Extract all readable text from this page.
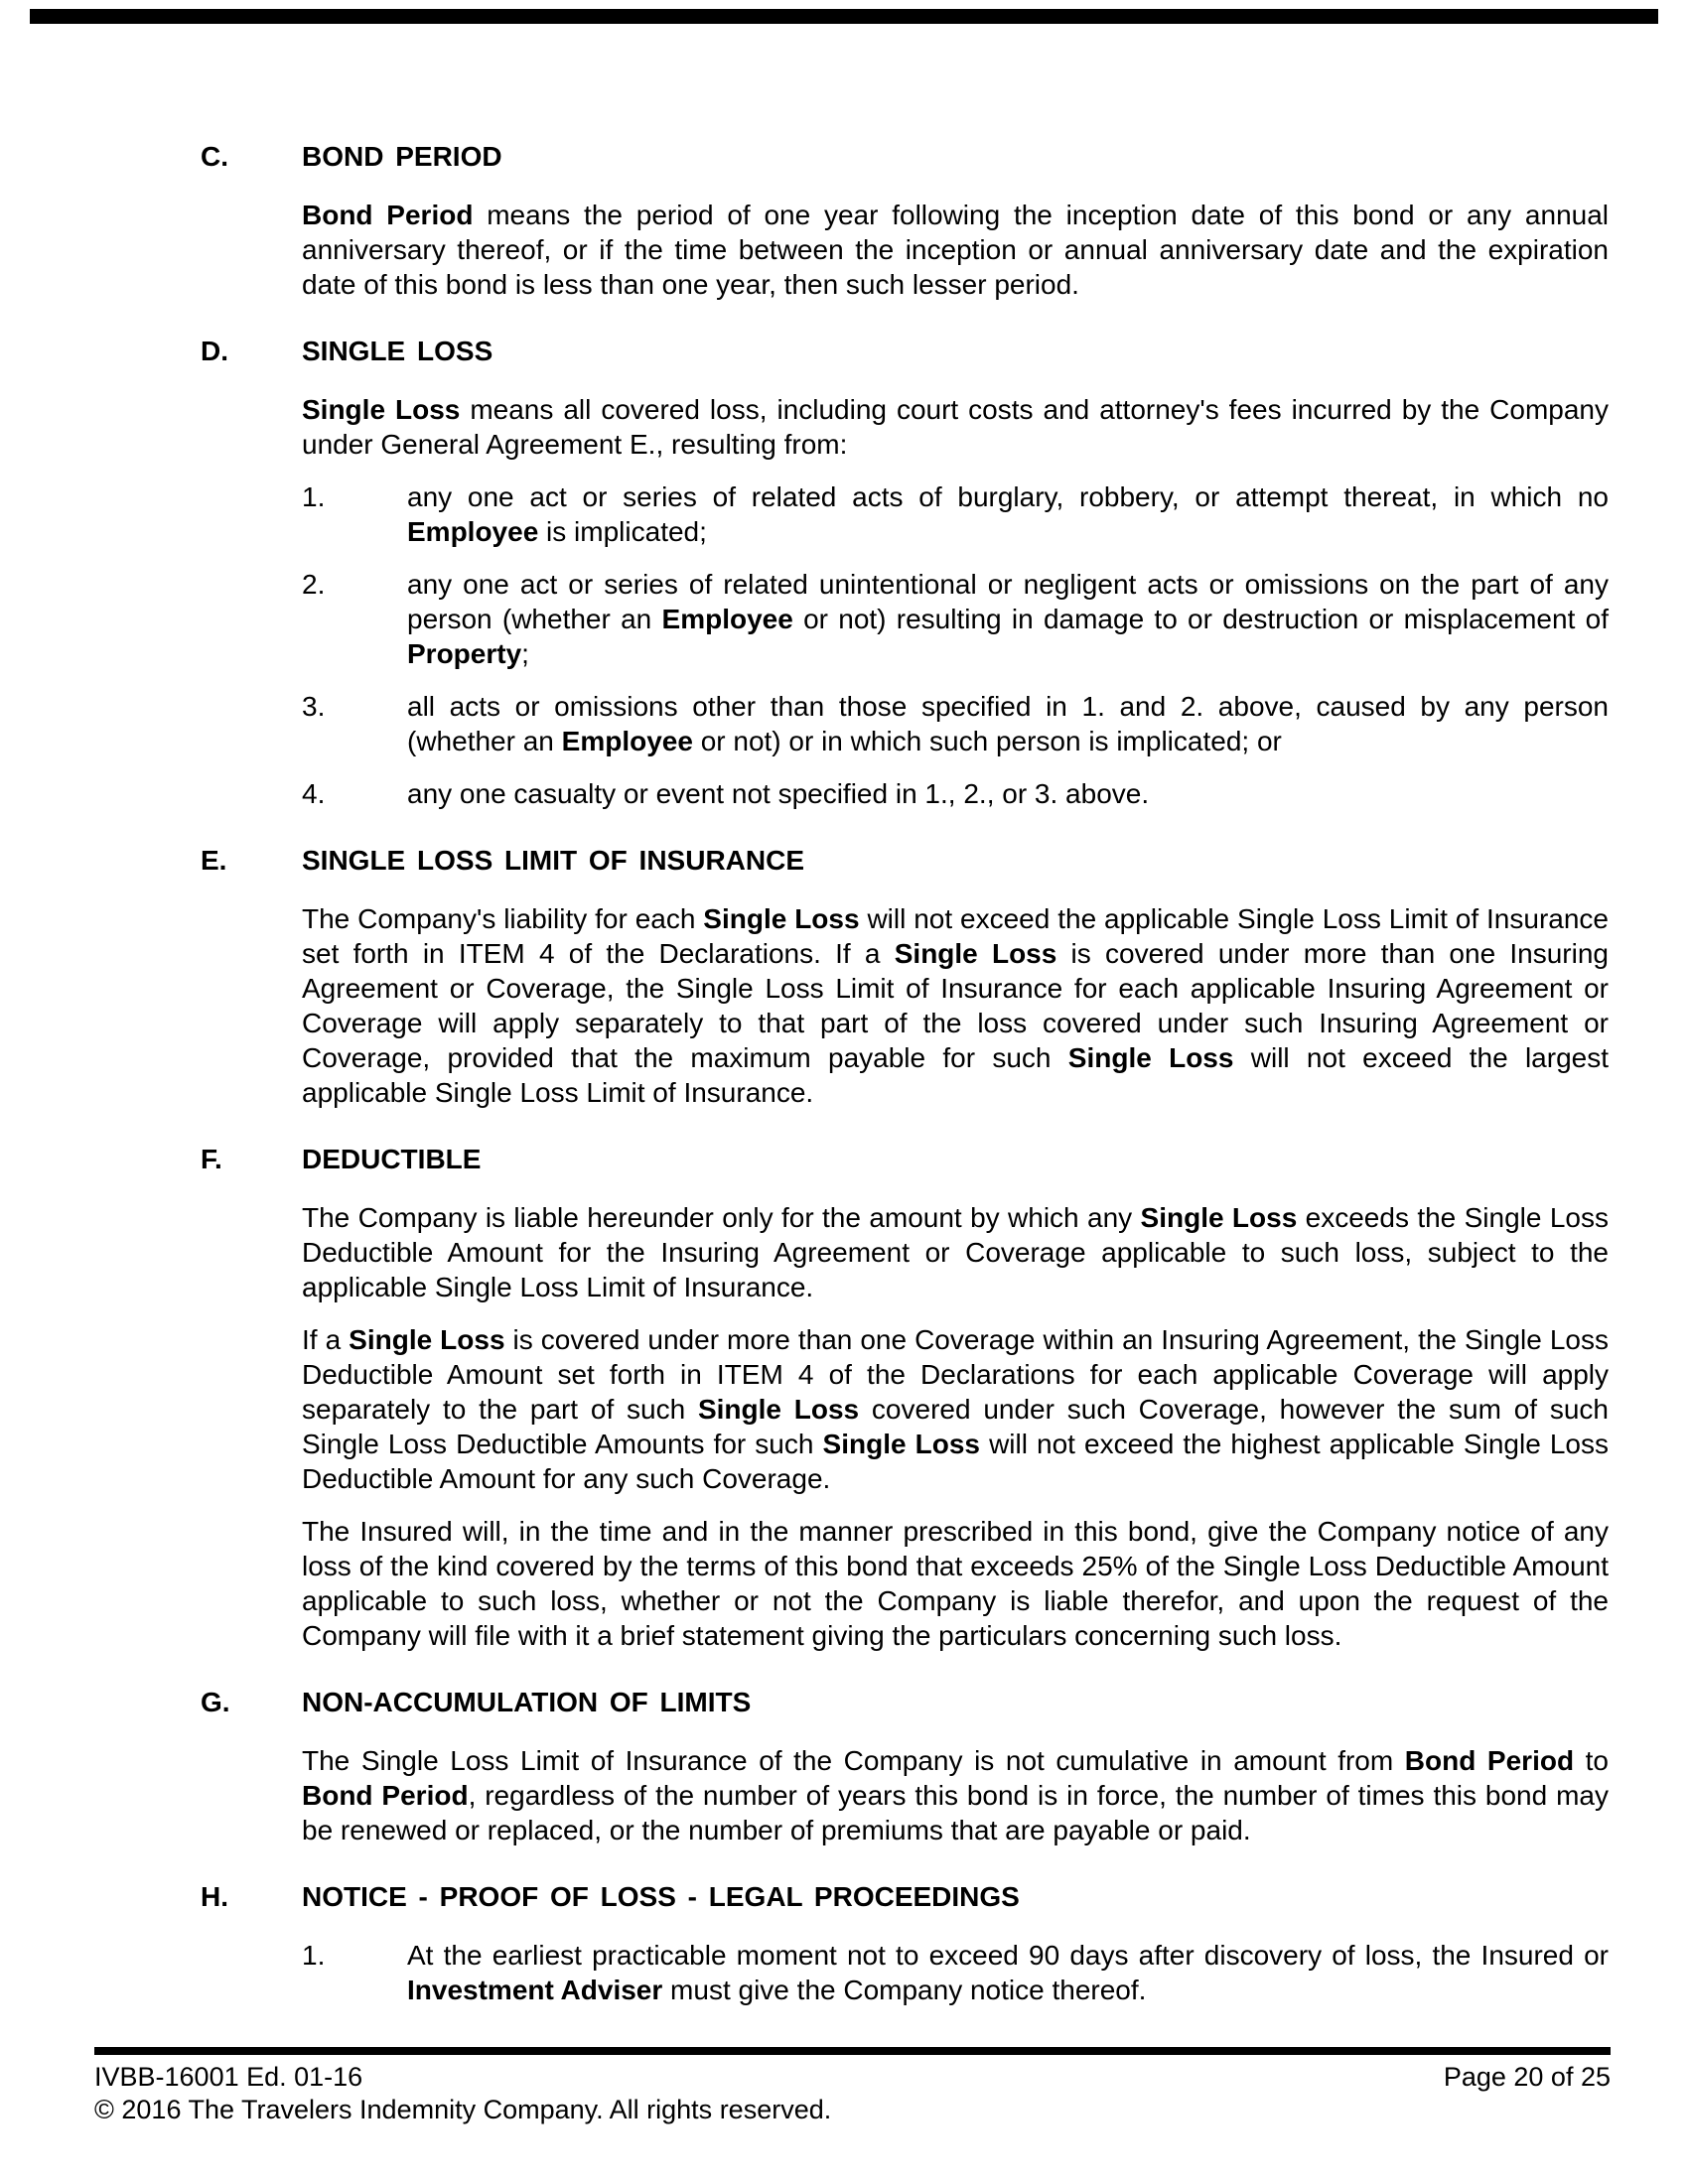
C.	BOND PERIOD

Bond Period means the period of one year following the inception date of this bond or any annual anniversary thereof, or if the time between the inception or annual anniversary date and the expiration date of this bond is less than one year, then such lesser period.

D.	SINGLE LOSS

Single Loss means all covered loss, including court costs and attorney's fees incurred by the Company under General Agreement E., resulting from:

1.	any one act or series of related acts of burglary, robbery, or attempt thereat, in which no Employee is implicated;

2.	any one act or series of related unintentional or negligent acts or omissions on the part of any person (whether an Employee or not) resulting in damage to or destruction or misplacement of Property;

3.	all acts or omissions other than those specified in 1. and 2. above, caused by any person (whether an Employee or not) or in which such person is implicated; or

4.	any one casualty or event not specified in 1., 2., or 3. above.

E.	SINGLE LOSS LIMIT OF INSURANCE

The Company's liability for each Single Loss will not exceed the applicable Single Loss Limit of Insurance set forth in ITEM 4 of the Declarations. If a Single Loss is covered under more than one Insuring Agreement or Coverage, the Single Loss Limit of Insurance for each applicable Insuring Agreement or Coverage will apply separately to that part of the loss covered under such Insuring Agreement or Coverage, provided that the maximum payable for such Single Loss will not exceed the largest applicable Single Loss Limit of Insurance.

F.	DEDUCTIBLE

The Company is liable hereunder only for the amount by which any Single Loss exceeds the Single Loss Deductible Amount for the Insuring Agreement or Coverage applicable to such loss, subject to the applicable Single Loss Limit of Insurance.

If a Single Loss is covered under more than one Coverage within an Insuring Agreement, the Single Loss Deductible Amount set forth in ITEM 4 of the Declarations for each applicable Coverage will apply separately to the part of such Single Loss covered under such Coverage, however the sum of such Single Loss Deductible Amounts for such Single Loss will not exceed the highest applicable Single Loss Deductible Amount for any such Coverage.

The Insured will, in the time and in the manner prescribed in this bond, give the Company notice of any loss of the kind covered by the terms of this bond that exceeds 25% of the Single Loss Deductible Amount applicable to such loss, whether or not the Company is liable therefor, and upon the request of the Company will file with it a brief statement giving the particulars concerning such loss.

G.	NON-ACCUMULATION OF LIMITS

The Single Loss Limit of Insurance of the Company is not cumulative in amount from Bond Period to Bond Period, regardless of the number of years this bond is in force, the number of times this bond may be renewed or replaced, or the number of premiums that are payable or paid.

H.	NOTICE - PROOF OF LOSS - LEGAL PROCEEDINGS
1.	At the earliest practicable moment not to exceed 90 days after discovery of loss, the Insured or Investment Adviser must give the Company notice thereof.

IVBB-16001 Ed. 01-16	Page 20 of 25
© 2016 The Travelers Indemnity Company. All rights reserved.
